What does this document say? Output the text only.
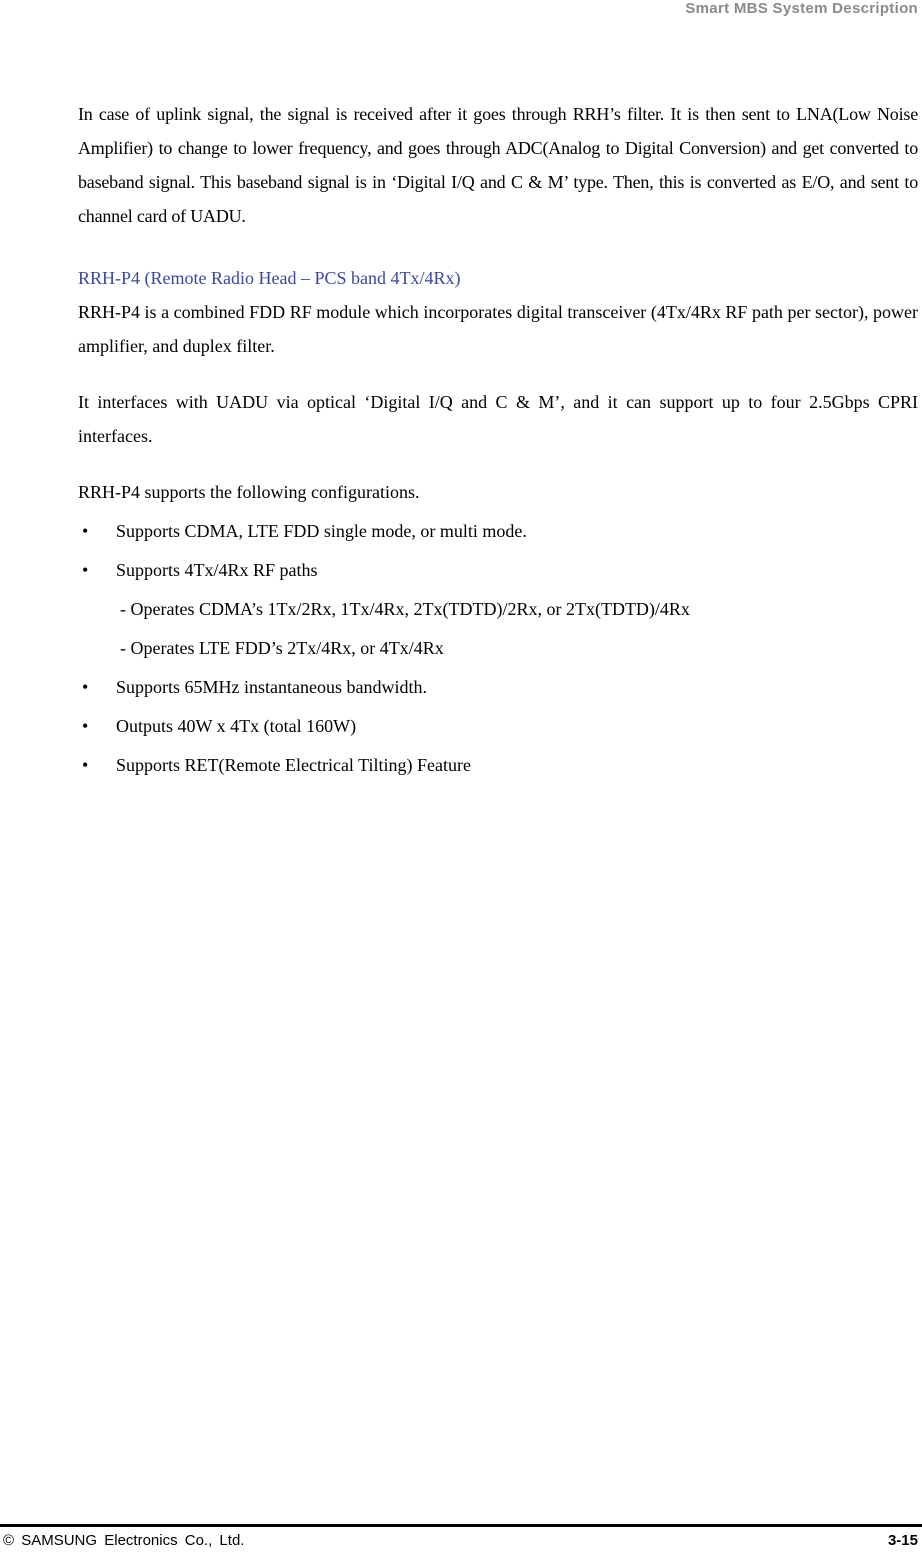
Smart MBS System Description

In case of uplink signal, the signal is received after it goes through RRH’s filter. It is then sent to LNA(Low Noise Amplifier) to change to lower frequency, and goes through ADC(Analog to Digital Conversion) and get converted to baseband signal. This baseband signal is in ‘Digital I/Q and C & M’ type. Then, this is converted as E/O, and sent to channel card of UADU.

RRH-P4 (Remote Radio Head – PCS band 4Tx/4Rx)

RRH-P4 is a combined FDD RF module which incorporates digital transceiver (4Tx/4Rx RF path per sector), power amplifier, and duplex filter.

It interfaces with UADU via optical ‘Digital I/Q and C & M’, and it can support up to four 2.5Gbps CPRI interfaces.

RRH-P4 supports the following configurations.

• Supports CDMA, LTE FDD single mode, or multi mode.
• Supports 4Tx/4Rx RF paths
- Operates CDMA’s 1Tx/2Rx, 1Tx/4Rx, 2Tx(TDTD)/2Rx, or 2Tx(TDTD)/4Rx
- Operates LTE FDD’s 2Tx/4Rx, or 4Tx/4Rx
• Supports 65MHz instantaneous bandwidth.
• Outputs 40W x 4Tx (total 160W)
• Supports RET(Remote Electrical Tilting) Feature
© SAMSUNG Electronics Co., Ltd.	3-15
